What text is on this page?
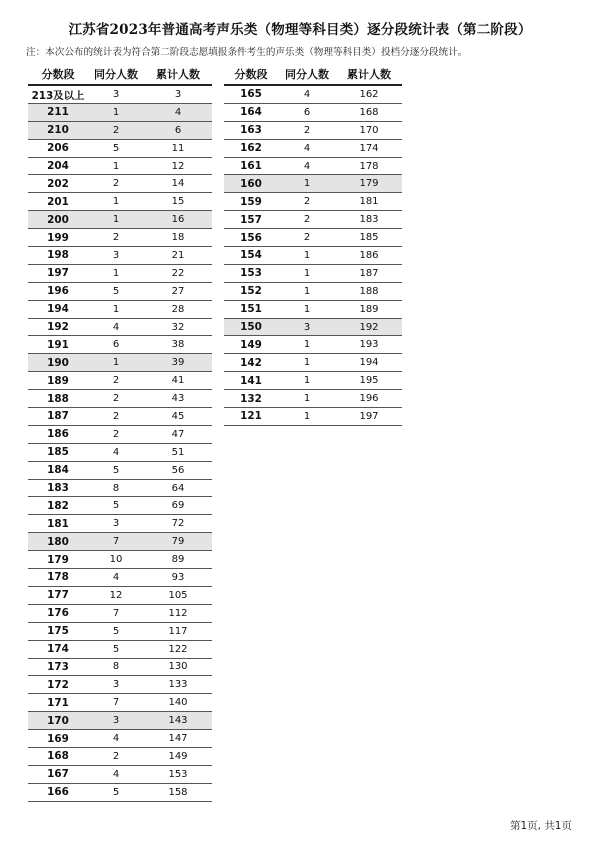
江苏省2023年普通高考声乐类（物理等科目类）逐分段统计表（第二阶段）
注：本次公布的统计表为符合第二阶段志愿填报条件考生的声乐类（物理等科目类）投档分逐分段统计。
分数段	同分人数	累计人数
213及以上	3	3
211	1	4
210	2	6
206	5	11
204	1	12
202	2	14
201	1	15
200	1	16
199	2	18
198	3	21
197	1	22
196	5	27
194	1	28
192	4	32
191	6	38
190	1	39
189	2	41
188	2	43
187	2	45
186	2	47
185	4	51
184	5	56
183	8	64
182	5	69
181	3	72
180	7	79
179	10	89
178	4	93
177	12	105
176	7	112
175	5	117
174	5	122
173	8	130
172	3	133
171	7	140
170	3	143
169	4	147
168	2	149
167	4	153
166	5	158
分数段	同分人数	累计人数
165	4	162
164	6	168
163	2	170
162	4	174
161	4	178
160	1	179
159	2	181
157	2	183
156	2	185
154	1	186
153	1	187
152	1	188
151	1	189
150	3	192
149	1	193
142	1	194
141	1	195
132	1	196
121	1	197
第1页, 共1页
